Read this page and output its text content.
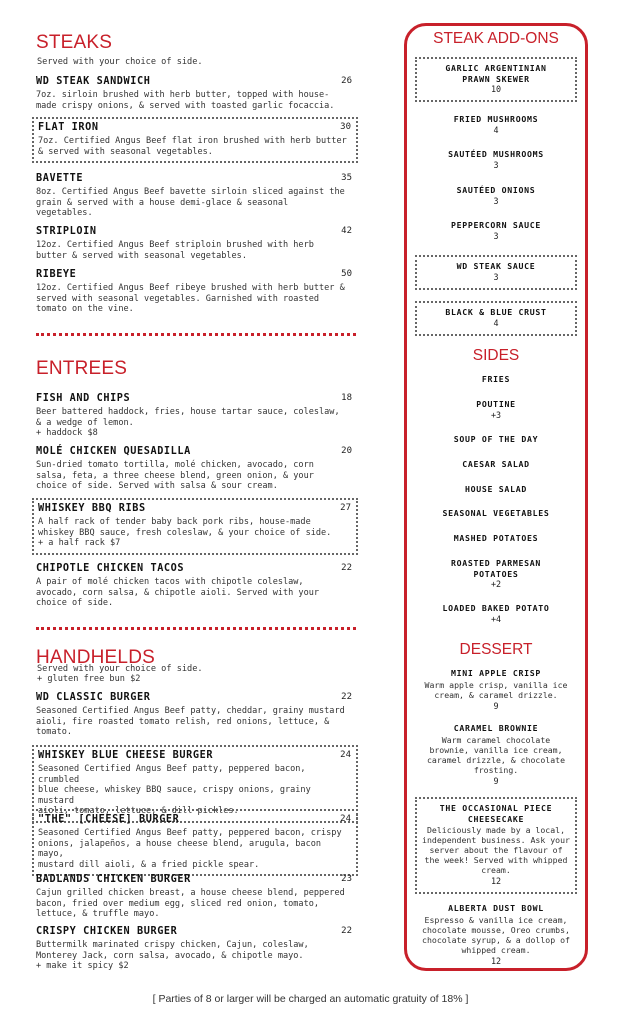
STEAKS
Served with your choice of side.
WD STEAK SANDWICH	26
7oz. sirloin brushed with herb butter, topped with house-
made crispy onions, & served with toasted garlic focaccia.
FLAT IRON	30
7oz. Certified Angus Beef flat iron brushed with herb butter
& served with seasonal vegetables.
BAVETTE	35
8oz. Certified Angus Beef bavette sirloin sliced against the
grain & served with a house demi-glace & seasonal
vegetables.
STRIPLOIN	42
12oz. Certified Angus Beef striploin brushed with herb
butter & served with seasonal vegetables.
RIBEYE	50
12oz. Certified Angus Beef ribeye brushed with herb butter &
served with seasonal vegetables. Garnished with roasted
tomato on the vine.
ENTREES
FISH AND CHIPS	18
Beer battered haddock, fries, house tartar sauce, coleslaw,
& a wedge of lemon.
+ haddock $8
MOLÉ CHICKEN QUESADILLA	20
Sun-dried tomato tortilla, molé chicken, avocado, corn
salsa, feta, a three cheese blend, green onion, & your
choice of side. Served with salsa & sour cream.
WHISKEY BBQ RIBS	27
A half rack of tender baby back pork ribs, house-made
whiskey BBQ sauce, fresh coleslaw, & your choice of side.
+ a half rack $7
CHIPOTLE CHICKEN TACOS	22
A pair of molé chicken tacos with chipotle coleslaw,
avocado, corn salsa, & chipotle aioli. Served with your
choice of side.
HANDHELDS
Served with your choice of side.
+ gluten free bun $2
WD CLASSIC BURGER	22
Seasoned Certified Angus Beef patty, cheddar, grainy mustard
aioli, fire roasted tomato relish, red onions, lettuce, &
tomato.
WHISKEY BLUE CHEESE BURGER	24
Seasoned Certified Angus Beef patty, peppered bacon, crumbled
blue cheese, whiskey BBQ sauce, crispy onions, grainy mustard
aioli, tomato, lettuce, & dill pickles.
"THE" [CHEESE] BURGER	24
Seasoned Certified Angus Beef patty, peppered bacon, crispy
onions, jalapeños, a house cheese blend, arugula, bacon mayo,
mustard dill aioli, & a fried pickle spear.
BADLANDS CHICKEN BURGER	23
Cajun grilled chicken breast, a house cheese blend, peppered
bacon, fried over medium egg, sliced red onion, tomato,
lettuce, & truffle mayo.
CRISPY CHICKEN BURGER	22
Buttermilk marinated crispy chicken, Cajun, coleslaw,
Monterey Jack, corn salsa, avocado, & chipotle mayo.
+ make it spicy $2
STEAK ADD-ONS
GARLIC ARGENTINIAN
PRAWN SKEWER
10
FRIED MUSHROOMS
4
SAUTÉED MUSHROOMS
3
SAUTÉED ONIONS
3
PEPPERCORN SAUCE
3
WD STEAK SAUCE
3
BLACK & BLUE CRUST
4
SIDES
FRIES
POUTINE
+3
SOUP OF THE DAY
CAESAR SALAD
HOUSE SALAD
SEASONAL VEGETABLES
MASHED POTATOES
ROASTED PARMESAN
POTATOES
+2
LOADED BAKED POTATO
+4
DESSERT
MINI APPLE CRISP
Warm apple crisp, vanilla ice
cream, & caramel drizzle.
9
CARAMEL BROWNIE
Warm caramel chocolate
brownie, vanilla ice cream,
caramel drizzle, & chocolate
frosting.
9
THE OCCASIONAL PIECE
CHEESECAKE
Deliciously made by a local,
independent business. Ask your
server about the flavour of
the week! Served with whipped
cream.
12
ALBERTA DUST BOWL
Espresso & vanilla ice cream,
chocolate mousse, Oreo crumbs,
chocolate syrup, & a dollop of
whipped cream.
12
[ Parties of 8 or larger will be charged an automatic gratuity of 18% ]
